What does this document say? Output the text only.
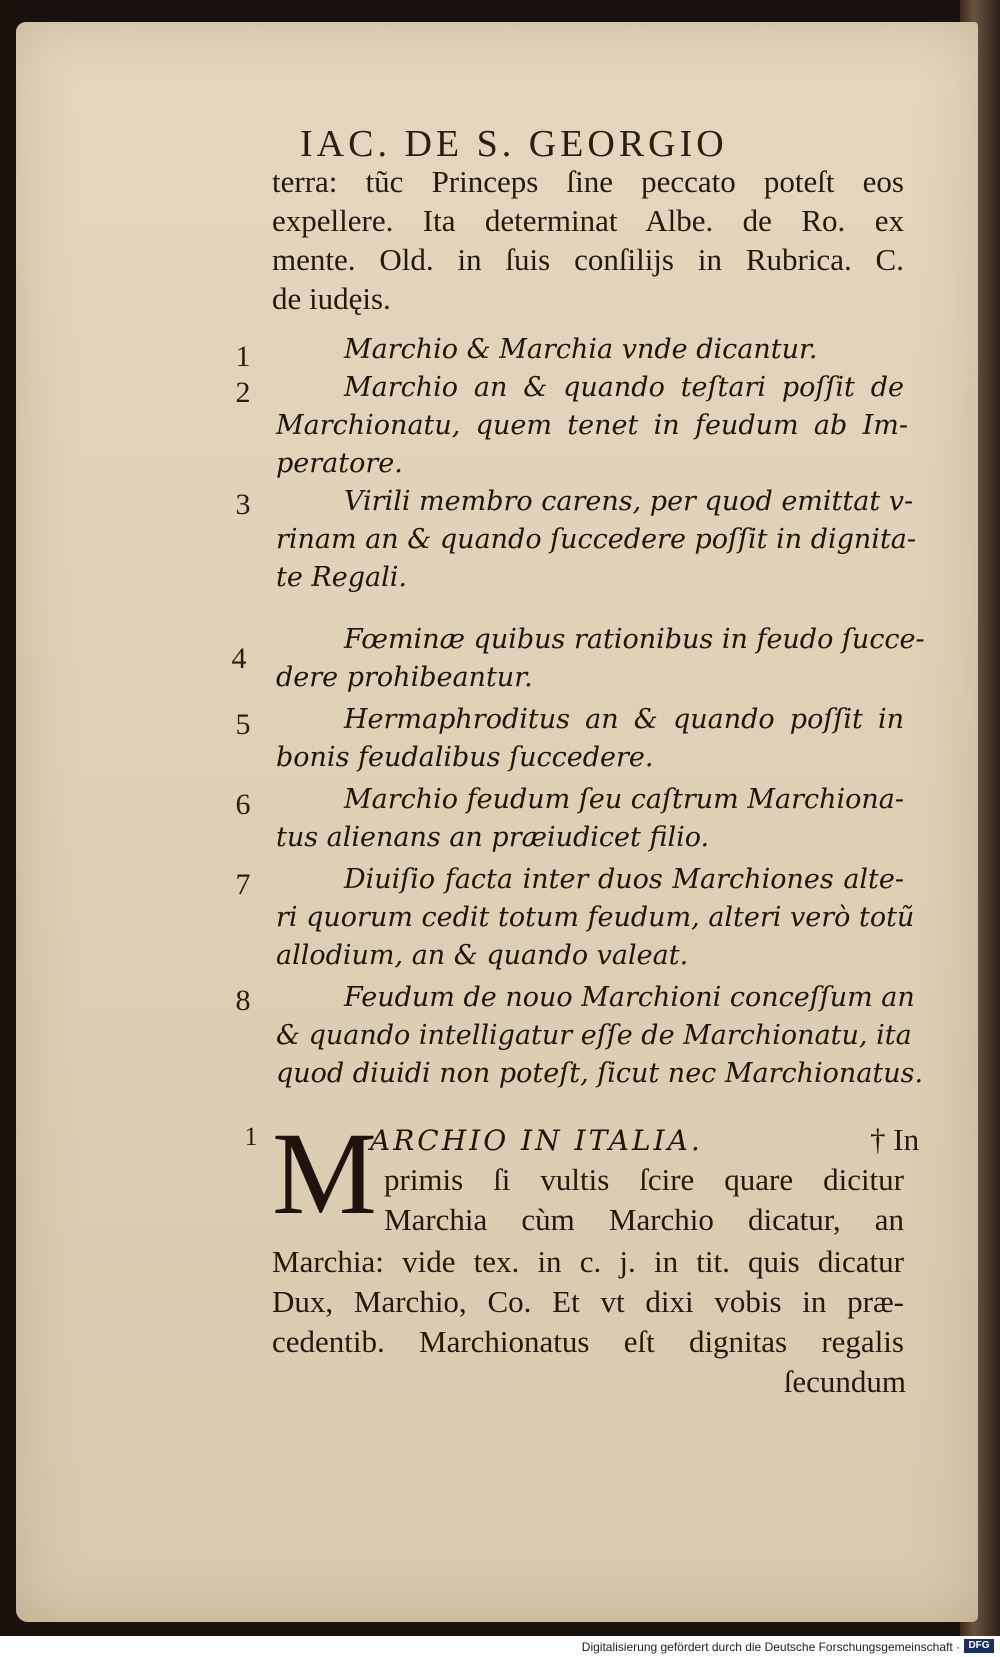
IAC. DE S. GEORGIO
terra: tũc Princeps ſine peccato poteſt eos
expellere. Ita determinat Albe. de Ro. ex
mente. Old. in ſuis conſilijs in Rubrica. C.
de iudęis.
1	Marchio & Marchia vnde dicantur.
2	Marchio an & quando teſtari poſſit de
Marchionatu, quem tenet in feudum ab Im-
peratore.
3	Virili membro carens, per quod emittat v-
rinam an & quando ſuccedere poſſit in dignita-
te Regali.
4
Fœminæ quibus rationibus in feudo ſucce-
dere prohibeantur.
5	Hermaphroditus an & quando poſſit in
bonis feudalibus ſuccedere.
6	Marchio feudum ſeu caſtrum Marchiona-
tus alienans an præiudicet filio.
7	Diuiſio facta inter duos Marchiones alte-
ri quorum cedit totum feudum, alteri verò totũ
allodium, an & quando valeat.
8	Feudum de nouo Marchioni conceſſum an
& quando intelligatur eſſe de Marchionatu, ita
quod diuidi non poteſt, ſicut nec Marchionatus.
1 M
ARCHIO IN ITALIA.	† In
primis ſi vultis ſcire quare dicitur
Marchia cùm Marchio dicatur, an
Marchia: vide tex. in c. j. in tit. quis dicatur
Dux, Marchio, Co. Et vt dixi vobis in præ-
cedentib. Marchionatus eſt dignitas regalis
ſecundum
Digitalisierung gefördert durch die Deutsche Forschungsgemeinschaft · DFG
